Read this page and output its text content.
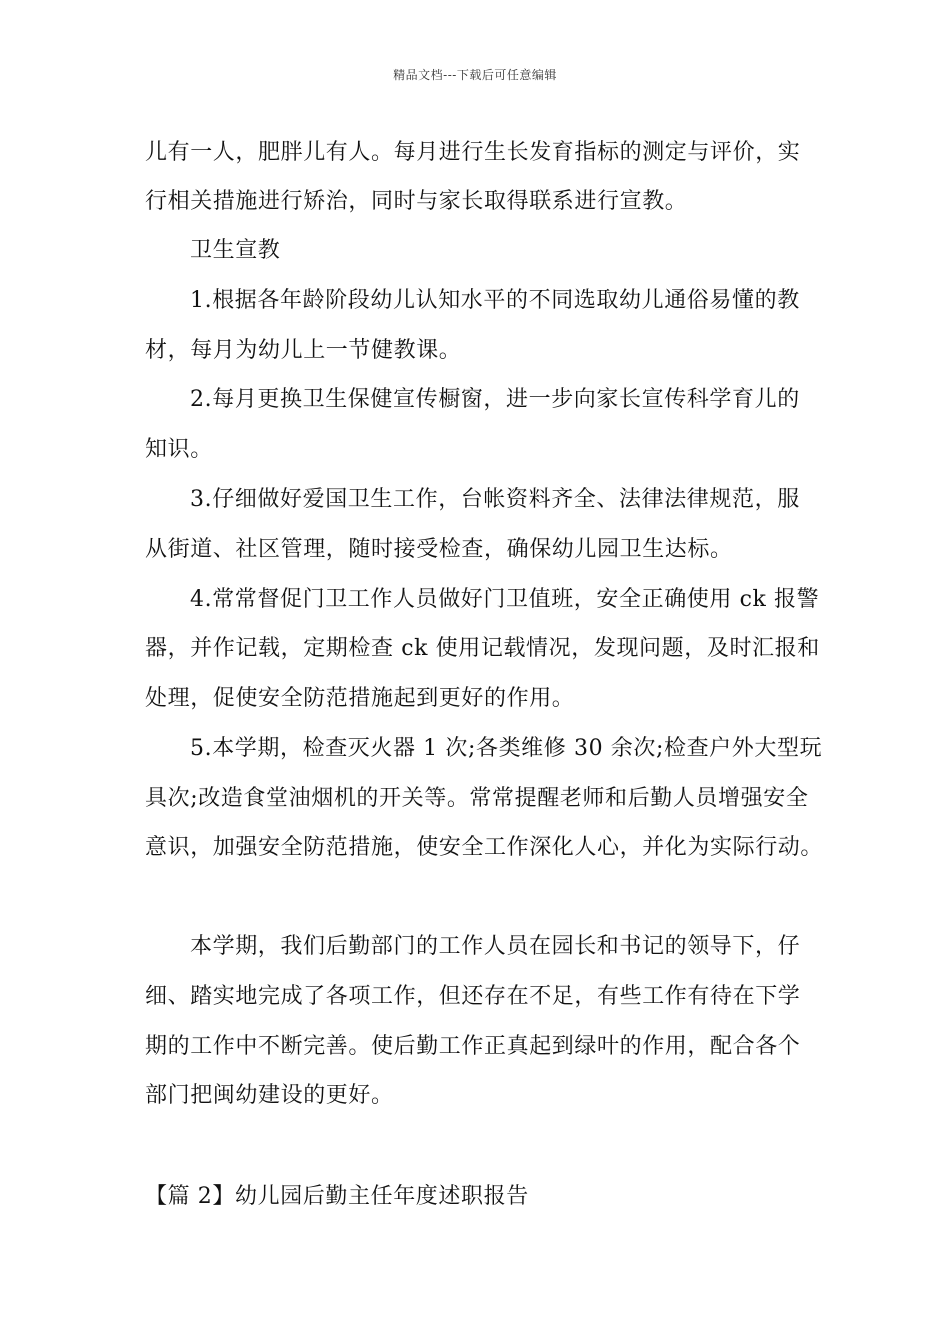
精品文档---下载后可任意编辑
儿有一人，肥胖儿有人。每月进行生长发育指标的测定与评价，实
行相关措施进行矫治，同时与家长取得联系进行宣教。
卫生宣教
1.根据各年龄阶段幼儿认知水平的不同选取幼儿通俗易懂的教
材，每月为幼儿上一节健教课。
2.每月更换卫生保健宣传橱窗，进一步向家长宣传科学育儿的
知识。
3.仔细做好爱国卫生工作，台帐资料齐全、法律法律规范，服
从街道、社区管理，随时接受检查，确保幼儿园卫生达标。
4.常常督促门卫工作人员做好门卫值班，安全正确使用 ck 报警
器，并作记载，定期检查 ck 使用记载情况，发现问题，及时汇报和
处理，促使安全防范措施起到更好的作用。
5.本学期，检查灭火器 1 次;各类维修 30 余次;检查户外大型玩
具次;改造食堂油烟机的开关等。常常提醒老师和后勤人员增强安全
意识，加强安全防范措施，使安全工作深化人心，并化为实际行动。
本学期，我们后勤部门的工作人员在园长和书记的领导下，仔
细、踏实地完成了各项工作，但还存在不足，有些工作有待在下学
期的工作中不断完善。使后勤工作正真起到绿叶的作用，配合各个
部门把闽幼建设的更好。
【篇 2】幼儿园后勤主任年度述职报告
